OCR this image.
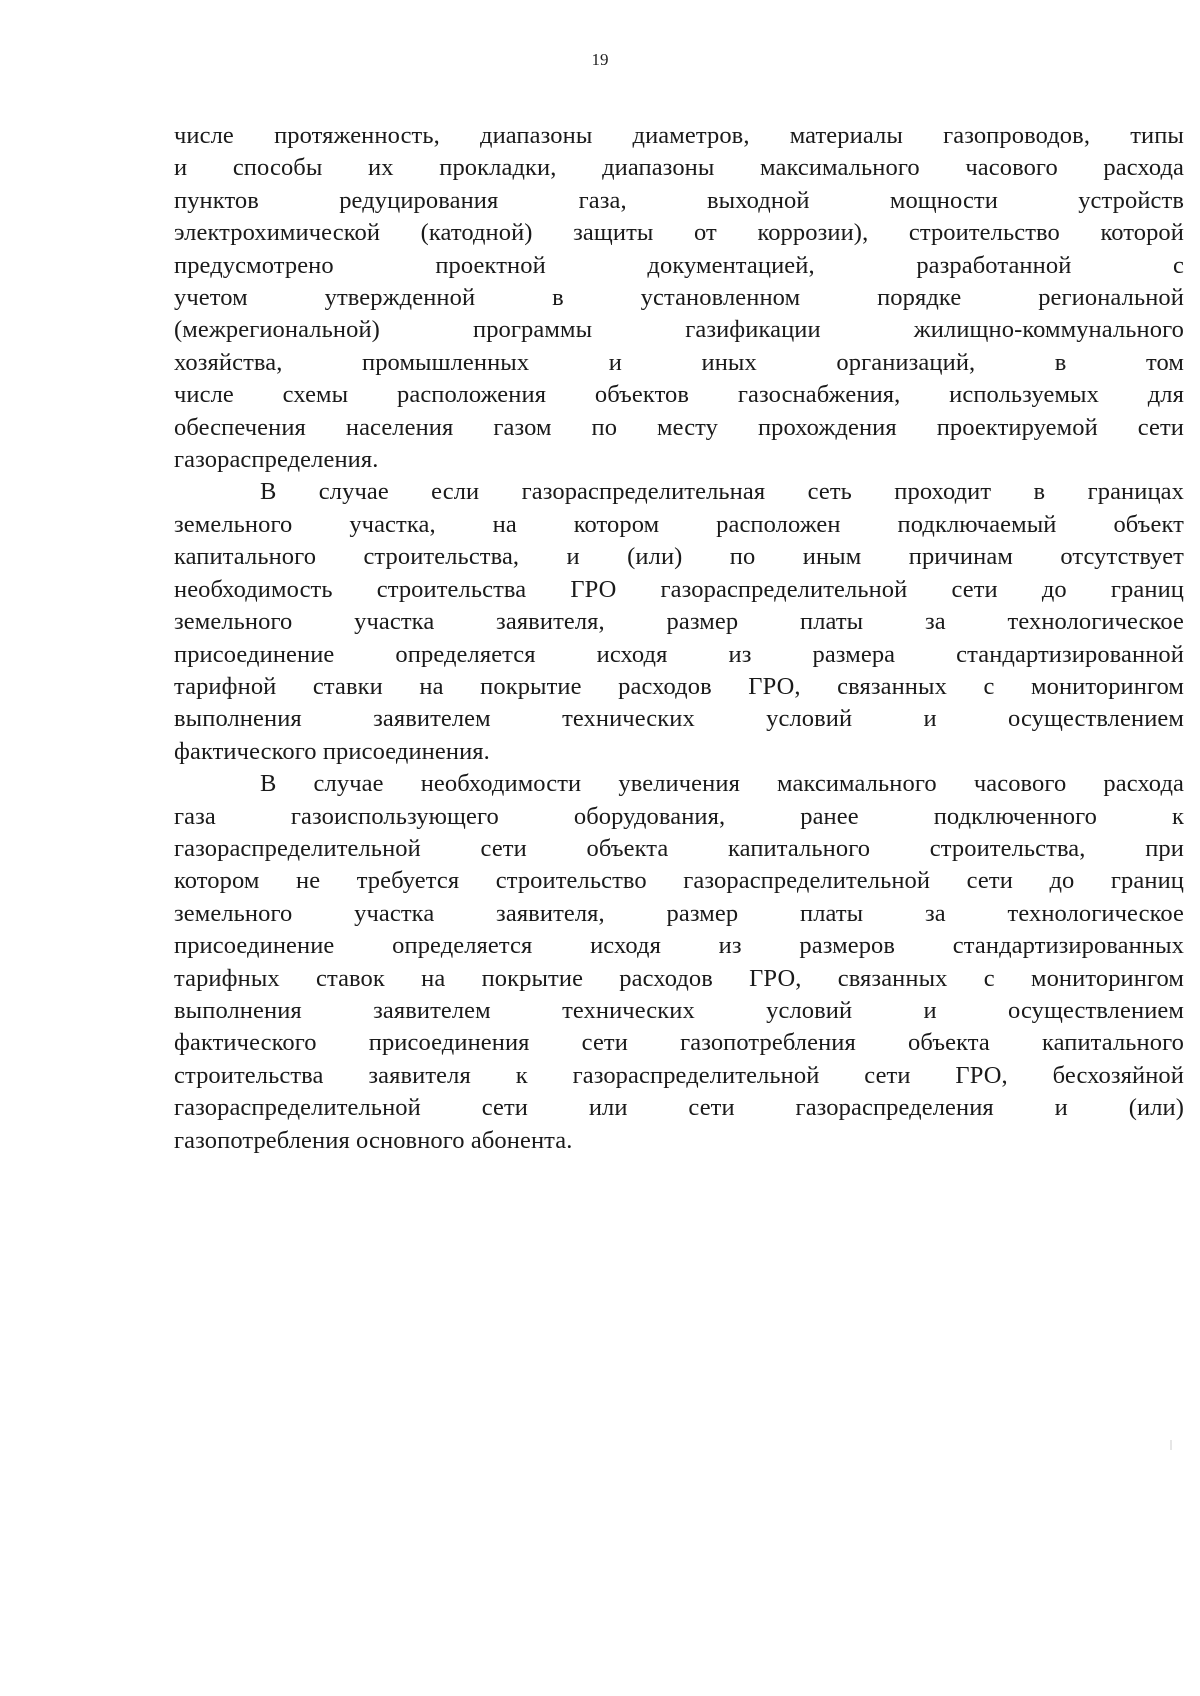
19

числе протяженность, диапазоны диаметров, материалы газопроводов, типы
и способы их прокладки, диапазоны максимального часового расхода
пунктов редуцирования газа, выходной мощности устройств
электрохимической (катодной) защиты от коррозии), строительство которой
предусмотрено проектной документацией, разработанной с
учетом утвержденной в установленном порядке региональной
(межрегиональной) программы газификации жилищно-коммунального
хозяйства, промышленных и иных организаций, в том
числе схемы расположения объектов газоснабжения, используемых для
обеспечения населения газом по месту прохождения проектируемой сети
газораспределения.

В случае если газораспределительная сеть проходит в границах
земельного участка, на котором расположен подключаемый объект
капитального строительства, и (или) по иным причинам отсутствует
необходимость строительства ГРО газораспределительной сети до границ
земельного участка заявителя, размер платы за технологическое
присоединение определяется исходя из размера стандартизированной
тарифной ставки на покрытие расходов ГРО, связанных с мониторингом
выполнения заявителем технических условий и осуществлением
фактического присоединения.

В случае необходимости увеличения максимального часового расхода
газа газоиспользующего оборудования, ранее подключенного к
газораспределительной сети объекта капитального строительства, при
котором не требуется строительство газораспределительной сети до границ
земельного участка заявителя, размер платы за технологическое
присоединение определяется исходя из размеров стандартизированных
тарифных ставок на покрытие расходов ГРО, связанных с мониторингом
выполнения заявителем технических условий и осуществлением
фактического присоединения сети газопотребления объекта капитального
строительства заявителя к газораспределительной сети ГРО, бесхозяйной
газораспределительной сети или сети газораспределения и (или)
газопотребления основного абонента.
